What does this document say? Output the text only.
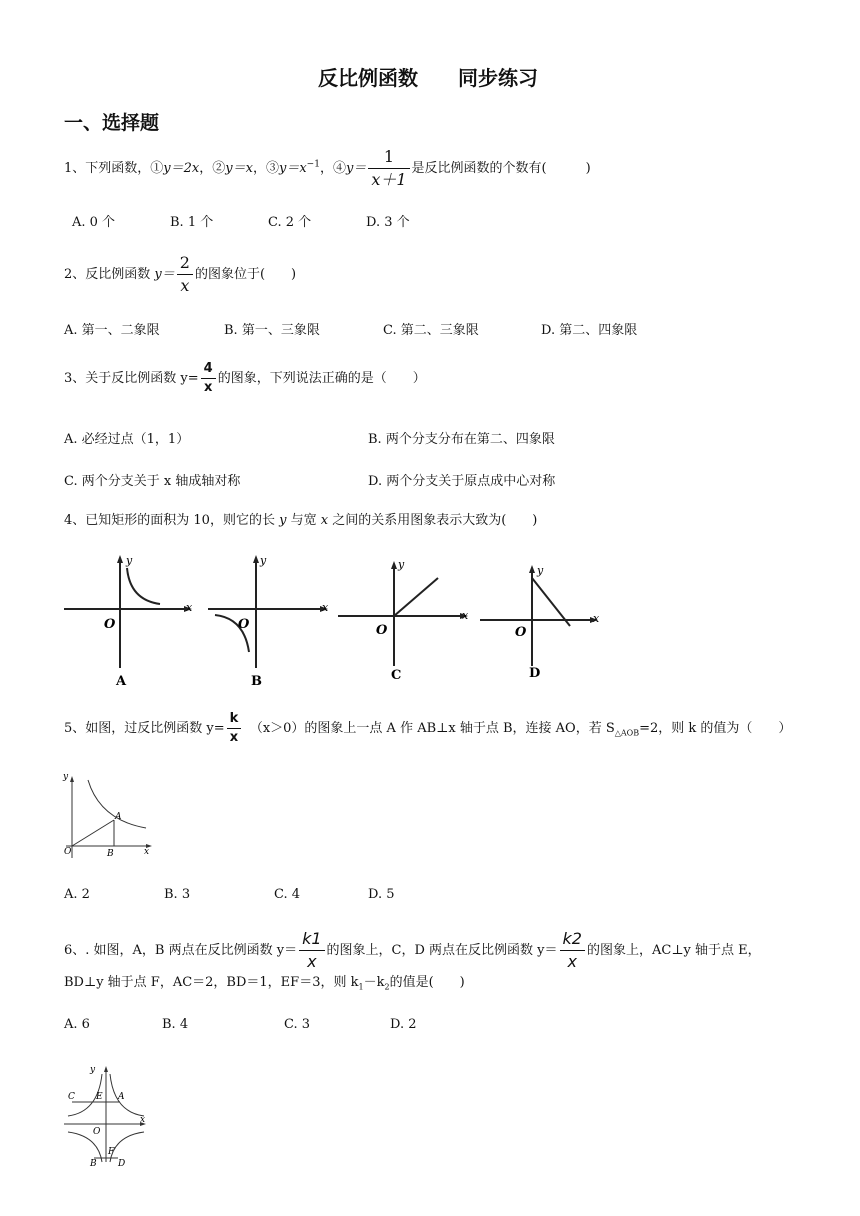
反比例函数　　同步练习
一、选择题
1、下列函数，①y＝2x，②y＝x，$③y=x^{-1}$，④y＝ $\frac{1}{x+1}$ 是反比例函数的个数有(　　　)
A. 0 个	B. 1 个	C. 2 个	D. 3 个
2、反比例函数 $y= \frac{2}{x}$ 的图象位于(　　)
A. 第一、二象限	B. 第一、三象限	C. 第二、三象限	D. 第二、四象限
3、关于反比例函数 $y= \frac{4}{x}$ 的图象，下列说法正确的是（　　）
A. 必经过点（1，1）	B. 两个分支分布在第二、四象限
C. 两个分支关于 x 轴成轴对称	D. 两个分支关于原点成中心对称
4、已知矩形的面积为 10，则它的长 y 与宽 x 之间的关系用图象表示大致为(　　)
y
x
O
A
y
x
O
B
y
x
O
C
y
x
O
D
5、如图，过反比例函数 $y= \frac{k}{x}$ 　（x＞0）的图象上一点 A 作 AB⊥x 轴于点 B，连接 AO，若 $S_{\triangle AOB}=2$，则 k 的值为（　　）
y
x
O
A
B
A. 2	B. 3	C. 4	D. 5
6、. 如图，A，B 两点在反比例函数 $y= \frac{k1}{x}$ 的图象上，C，D 两点在反比例函数 $y= \frac{k2}{x}$ 的图象上，AC⊥y 轴于点 E，
BD⊥y 轴于点 F，AC＝2，BD＝1，EF＝3，则 $k_1-k_2$的值是(　　)
A. 6	B. 4	C. 3	D. 2
y
x
O
A
B
C
D
E
F
